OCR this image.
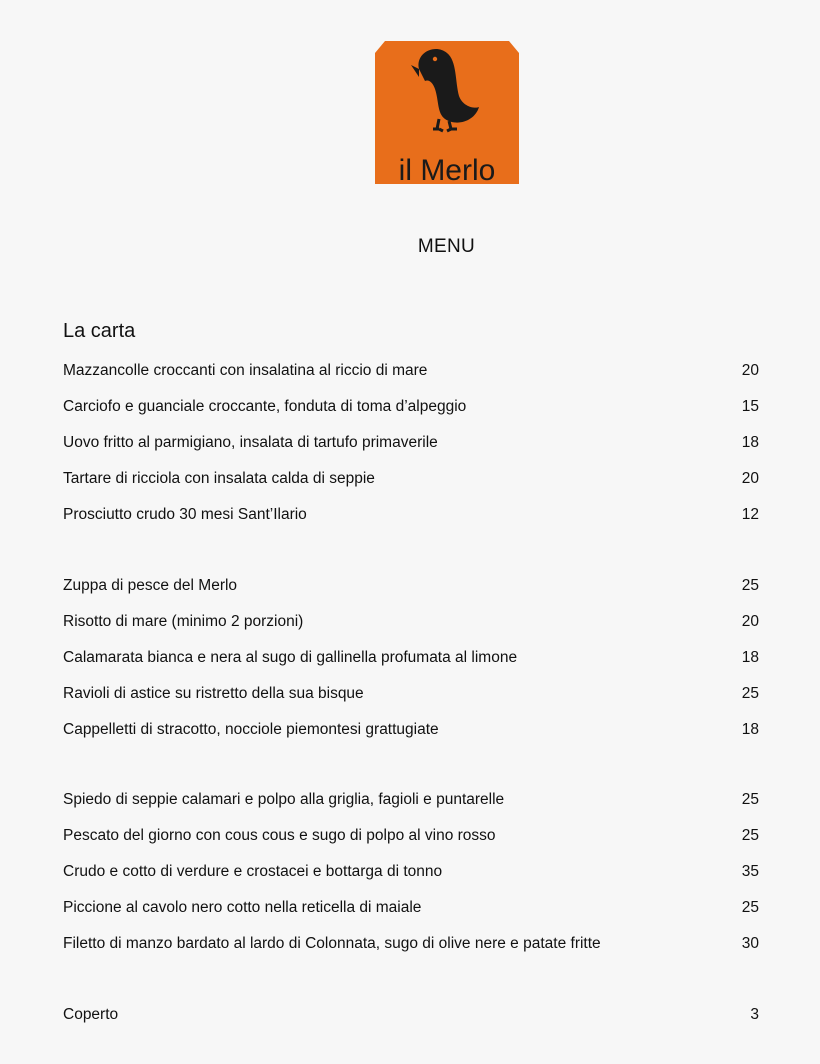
il Merlo
MENU
La carta
Mazzancolle croccanti con insalatina al riccio di mare	20
Carciofo e guanciale croccante, fonduta di toma d’alpeggio	15
Uovo fritto al parmigiano, insalata di tartufo primaverile	18
Tartare di ricciola con insalata calda di seppie	20
Prosciutto crudo 30 mesi Sant’Ilario	12
Zuppa di pesce del Merlo	25
Risotto di mare (minimo 2 porzioni)	20
Calamarata bianca e nera al sugo di gallinella profumata al limone	18
Ravioli di astice su ristretto della sua bisque	25
Cappelletti di stracotto, nocciole piemontesi grattugiate	18
Spiedo di seppie calamari e polpo alla griglia, fagioli e puntarelle	25
Pescato del giorno con cous cous e sugo di polpo al vino rosso	25
Crudo e cotto di verdure e crostacei e bottarga di tonno	35
Piccione al cavolo nero cotto nella reticella di maiale	25
Filetto di manzo bardato al lardo di Colonnata, sugo di olive nere e patate fritte	30
Coperto	3
